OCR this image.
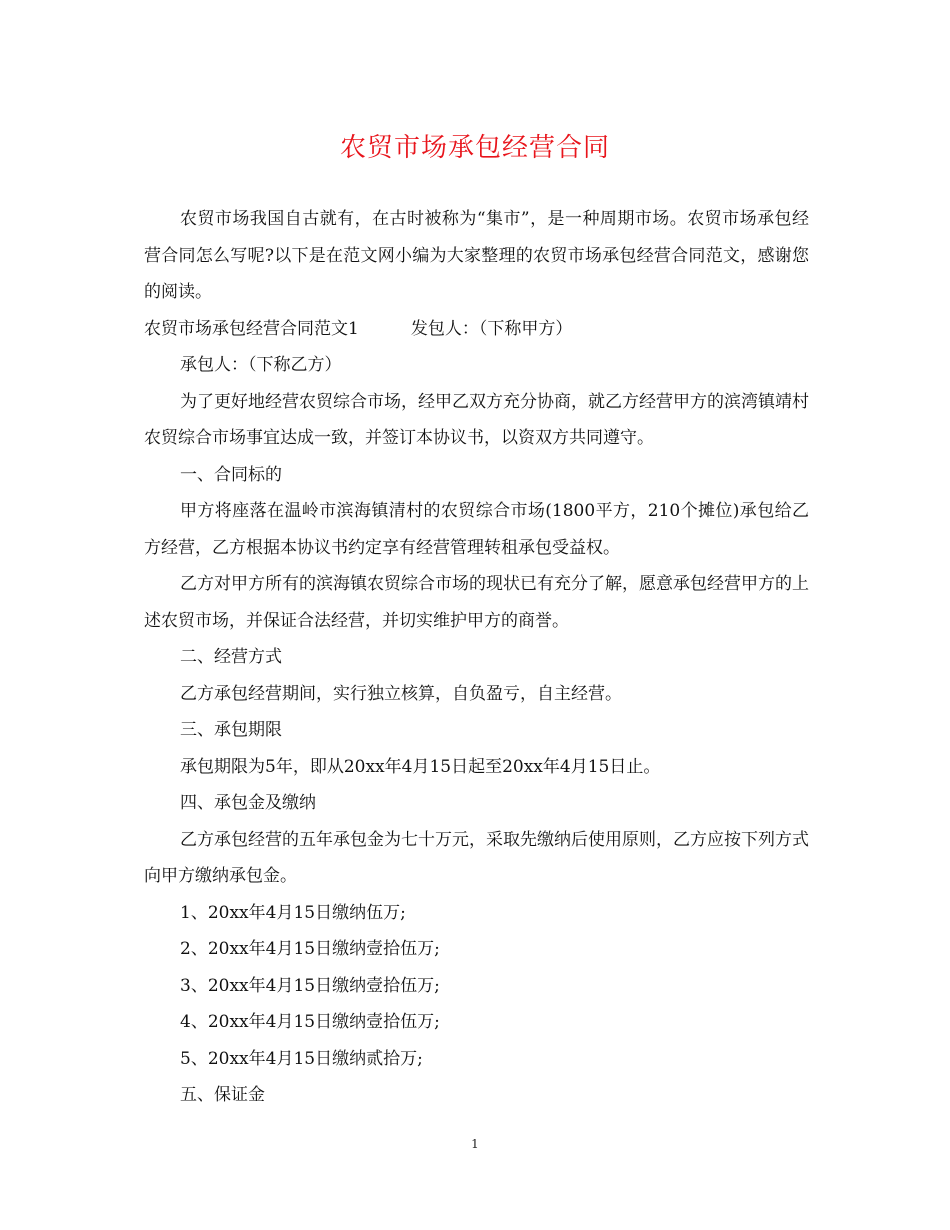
农贸市场承包经营合同

农贸市场我国自古就有，在古时被称为“集市”，是一种周期市场。农贸市场承包经营合同怎么写呢?以下是在范文网小编为大家整理的农贸市场承包经营合同范文，感谢您的阅读。

农贸市场承包经营合同范文1	发包人：（下称甲方）

承包人：（下称乙方）

为了更好地经营农贸综合市场，经甲乙双方充分协商，就乙方经营甲方的滨湾镇靖村农贸综合市场事宜达成一致，并签订本协议书，以资双方共同遵守。

一、合同标的

甲方将座落在温岭市滨海镇清村的农贸综合市场(1800平方，210个摊位)承包给乙方经营，乙方根据本协议书约定享有经营管理转租承包受益权。

乙方对甲方所有的滨海镇农贸综合市场的现状已有充分了解，愿意承包经营甲方的上述农贸市场，并保证合法经营，并切实维护甲方的商誉。

二、经营方式

乙方承包经营期间，实行独立核算，自负盈亏，自主经营。

三、承包期限

承包期限为5年，即从20xx年4月15日起至20xx年4月15日止。

四、承包金及缴纳

乙方承包经营的五年承包金为七十万元，采取先缴纳后使用原则，乙方应按下列方式向甲方缴纳承包金。

1、20xx年4月15日缴纳伍万;

2、20xx年4月15日缴纳壹拾伍万;

3、20xx年4月15日缴纳壹拾伍万;

4、20xx年4月15日缴纳壹拾伍万;

5、20xx年4月15日缴纳贰拾万;

五、保证金

1
